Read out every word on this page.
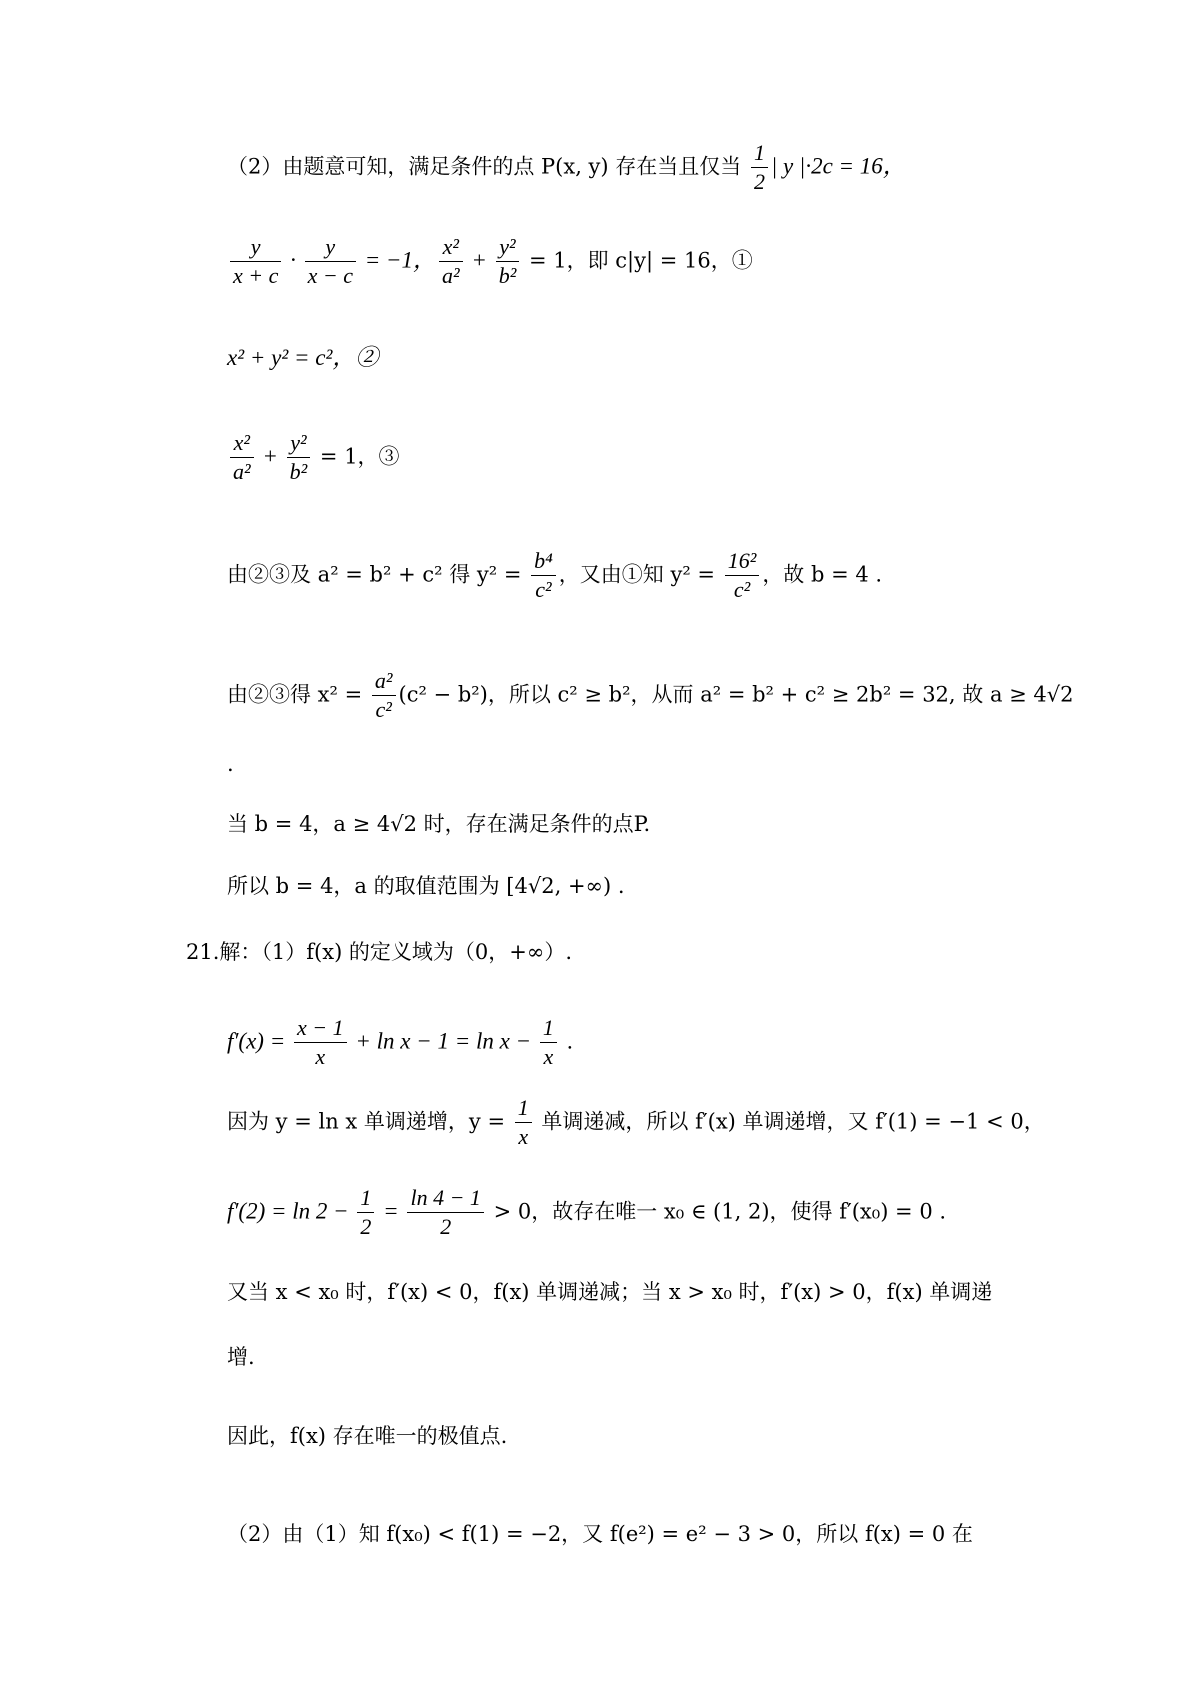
（2）由题意可知，满足条件的点 P(x, y) 存在当且仅当 $\frac{1}{2}$ | y |·2c = 16，
$\frac{y}{x + c} \cdot \frac{y}{x - c} = -1$， $\frac{\text{x²}}{\text{a²}} + \frac{\text{y²}}{\text{b²}} = 1$，即 c|y| = 16，①
x² + y² = c²，②
$\frac{\text{x²}}{\text{a²}} + \frac{\text{y²}}{\text{b²}} = 1$，③
由②③及 a² = b² + c² 得 $y^2 = \frac{\text{b⁴}}{\text{c²}}$ ，又由①知 $y^2 = \frac{\text{16²}}{\text{c²}}$ ，故 b = 4 .
由②③得 $x^2 = \frac{\text{a²}}{\text{c²}} (c^2 - b^2)$，所以 c² ≥ b²，从而 a² = b² + c² ≥ 2b² = 32, 故 a ≥ 4√2
.
当 b = 4，a ≥ 4√2 时，存在满足条件的点P.
所以 b = 4，a 的取值范围为 [4√2, +∞) .
21.解：（1）f(x) 的定义域为（0，+∞）.
$f'(x) = \frac{x - 1}{x} + \ln x - 1 = \ln x - \frac{1}{x}$ .
因为 y = ln x 单调递增，$y = \frac{1}{x}$ 单调递减，所以 f′(x) 单调递增，又 f′(1) = −1 < 0，
$f'(2) = \ln 2 - \frac{1}{2} = \frac{\ln 4 - 1}{2} > 0$，故存在唯一 x₀ ∈ (1, 2)，使得 f′(x₀) = 0 .
又当 x < x₀ 时，f′(x) < 0，f(x) 单调递减；当 x > x₀ 时，f′(x) > 0，f(x) 单调递
增.
因此，f(x) 存在唯一的极值点.
（2）由（1）知 f(x₀) < f(1) = −2，又 f(e²) = e² − 3 > 0，所以 f(x) = 0 在
